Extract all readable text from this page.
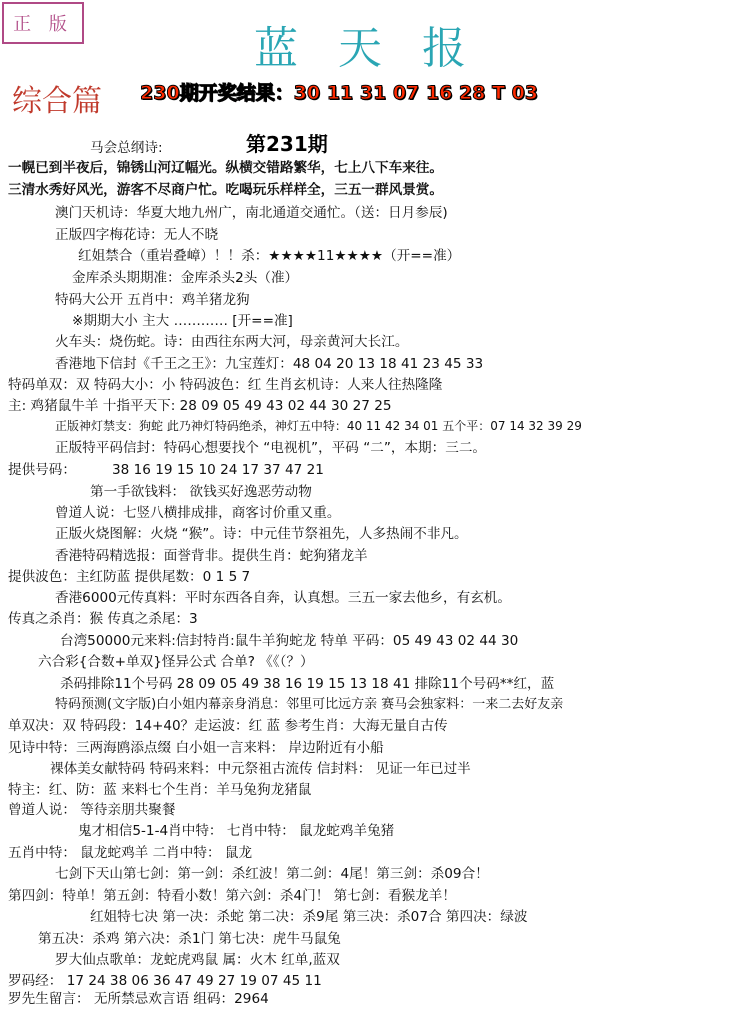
正 版	蓝天报
综合篇 230期开奖结果：30 11 31 07 16 28 T 03
第231期
马会总纲诗:
一幌已到半夜后，锦锈山河辽幅光。纵横交错路繁华，七上八下车来往。
三清水秀好风光，游客不尽商户忙。吃喝玩乐样样全，三五一群风景赏。
澳门天机诗：华夏大地九州广，南北通道交通忙。（送：日月参辰)
正版四字梅花诗：无人不晓
红姐禁合（重岩叠嶂）！！杀：★★★★11★★★★（开==准）
金库杀头期期准：金库杀头2头（准）
特码大公开 五肖中：鸡羊猪龙狗
※期期大小 主大 ………… [开==准]
火车头：烧伤蛇。诗：由西往东两大河，母亲黄河大长江。
香港地下信封《千王之王》：九宝莲灯：48 04 20 13 18 41 23 45 33
特码单双：双 特码大小：小 特码波色：红 生肖玄机诗：人来人往热隆隆
主: 鸡猪鼠牛羊 十指平天下: 28 09 05 49 43 02 44 30 27 25
正版神灯禁支：狗蛇 此乃神灯特码绝杀，神灯五中特：40 11 42 34 01 五个平：07 14 32 39 29
正版特平码信封：特码心想要找个 “电视机”，平码 “二”，本期：三二。
提供号码：	38 16 19 15 10 24 17 37 47 21
第一手欲钱料： 欲钱买好逸恶劳动物
曾道人说：七竖八横排成排，商客讨价重又重。
正版火烧图解：火烧 “猴”。诗：中元佳节祭祖先，人多热闹不非凡。
香港特码精选报：面誉背非。提供生肖：蛇狗猪龙羊
提供波色：主红防蓝 提供尾数：0 1 5 7
香港6000元传真料：平时东西各自奔，认真想。三五一家去他乡，有玄机。
传真之杀肖：猴 传真之杀尾：3
台湾50000元来料:信封特肖:鼠牛羊狗蛇龙 特单 平码：05 49 43 02 44 30
六合彩{合数+单双}怪异公式 合单? 《《（？）
杀码排除11个号码 28 09 05 49 38 16 19 15 13 18 41 排除11个号码**红，蓝
特码预测(文字版)白小姐内幕亲身消息：邻里可比远方亲 赛马会独家料：一来二去好友亲
单双决：双 特码段：14+40？走运波：红 蓝 参考生肖：大海无量自古传
见诗中特：三两海鸥添点缀 白小姐一言来料： 岸边附近有小船
裸体美女献特码 特码来料：中元祭祖古流传 信封料： 见证一年已过半
特主：红、防：蓝 来料七个生肖：羊马兔狗龙猪鼠
曾道人说： 等待亲朋共聚餐
鬼才相信5-1-4肖中特： 七肖中特： 鼠龙蛇鸡羊兔猪
五肖中特： 鼠龙蛇鸡羊 二肖中特： 鼠龙
七剑下天山第七剑：第一剑：杀红波！第二剑：4尾！第三剑：杀09合！
第四剑：特单！第五剑：特看小数！第六剑：杀4门！ 第七剑：看猴龙羊！
红姐特七决 第一决：杀蛇 第二决：杀9尾 第三决：杀07合 第四决：绿波
第五决：杀鸡 第六决：杀1门 第七决：虎牛马鼠兔
罗大仙点歌单：龙蛇虎鸡鼠 属：火木 红单,蓝双
罗码经： 17 24 38 06 36 47 49 27 19 07 45 11
罗先生留言： 无所禁忌欢言语 组码：2964
